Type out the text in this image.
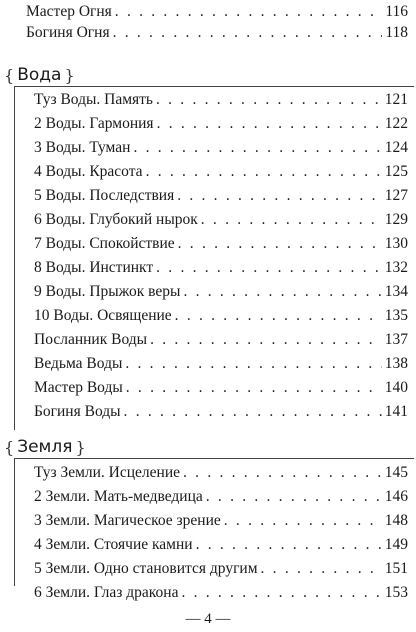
Мастер Огня . . .	116
Богиня Огня . . .	118
{ Вода }
Туз Воды. Память . . .	121
2 Воды. Гармония . . .	122
3 Воды. Туман . . .	124
4 Воды. Красота . . .	125
5 Воды. Последствия . . .	127
6 Воды. Глубокий нырок . . .	129
7 Воды. Спокойствие . . .	130
8 Воды. Инстинкт . . .	132
9 Воды. Прыжок веры . . .	134
10 Воды. Освящение . . .	135
Посланник Воды . . .	137
Ведьма Воды . . .	138
Мастер Воды . . .	140
Богиня Воды . . .	141
{ Земля }
Туз Земли. Исцеление . . .	145
2 Земли. Мать-медведица . . .	146
3 Земли. Магическое зрение . . .	148
4 Земли. Стоячие камни . . .	149
5 Земли. Одно становится другим . . .	151
6 Земли. Глаз дракона . . .	153
— 4 —
